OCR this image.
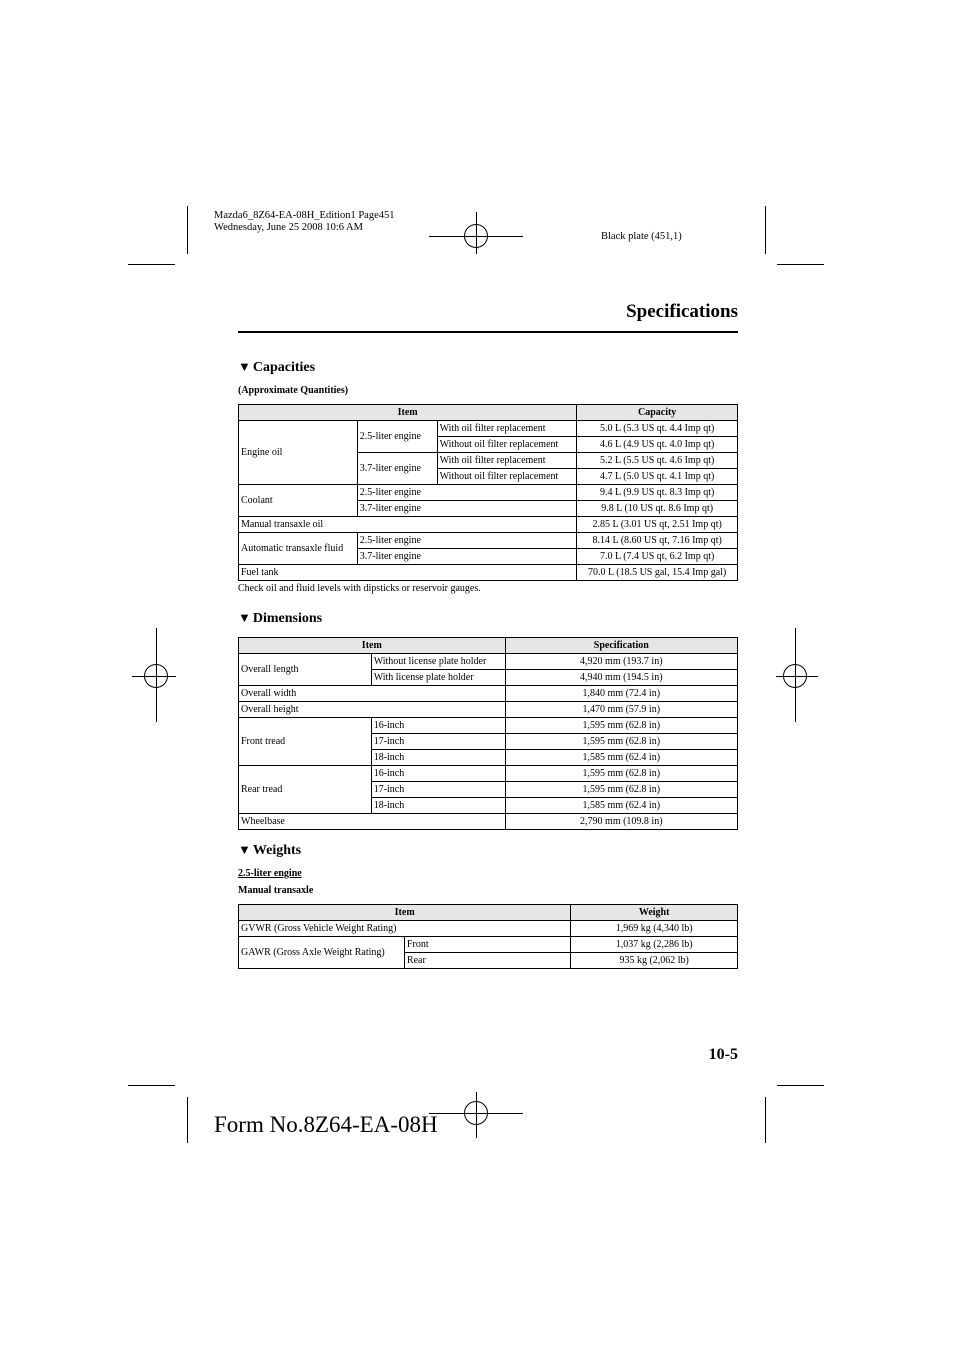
Mazda6_8Z64-EA-08H_Edition1 Page451
Wednesday, June 25 2008 10:6 AM
Black plate (451,1)
Specifications
▼ Capacities
(Approximate Quantities)
Item			Capacity
Engine oil	2.5-liter engine	With oil filter replacement	5.0 L (5.3 US qt. 4.4 Imp qt)
		Without oil filter replacement	4.6 L (4.9 US qt. 4.0 Imp qt)
	3.7-liter engine	With oil filter replacement	5.2 L (5.5 US qt. 4.6 Imp qt)
		Without oil filter replacement	4.7 L (5.0 US qt. 4.1 Imp qt)
Coolant	2.5-liter engine		9.4 L (9.9 US qt. 8.3 Imp qt)
	3.7-liter engine		9.8 L (10 US qt. 8.6 Imp qt)
Manual transaxle oil			2.85 L (3.01 US qt, 2.51 Imp qt)
Automatic transaxle fluid	2.5-liter engine		8.14 L (8.60 US qt, 7.16 Imp qt)
	3.7-liter engine		7.0 L (7.4 US qt, 6.2 Imp qt)
Fuel tank			70.0 L (18.5 US gal, 15.4 Imp gal)
Check oil and fluid levels with dipsticks or reservoir gauges.
▼ Dimensions
Item		Specification
Overall length	Without license plate holder	4,920 mm (193.7 in)
	With license plate holder	4,940 mm (194.5 in)
Overall width		1,840 mm (72.4 in)
Overall height		1,470 mm (57.9 in)
Front tread	16-inch	1,595 mm (62.8 in)
	17-inch	1,595 mm (62.8 in)
	18-inch	1,585 mm (62.4 in)
Rear tread	16-inch	1,595 mm (62.8 in)
	17-inch	1,595 mm (62.8 in)
	18-inch	1,585 mm (62.4 in)
Wheelbase		2,790 mm (109.8 in)
▼ Weights
2.5-liter engine
Manual transaxle
Item		Weight
GVWR (Gross Vehicle Weight Rating)		1,969 kg (4,340 lb)
GAWR (Gross Axle Weight Rating)	Front	1,037 kg (2,286 lb)
	Rear	935 kg (2,062 lb)
10-5
Form No.8Z64-EA-08H
